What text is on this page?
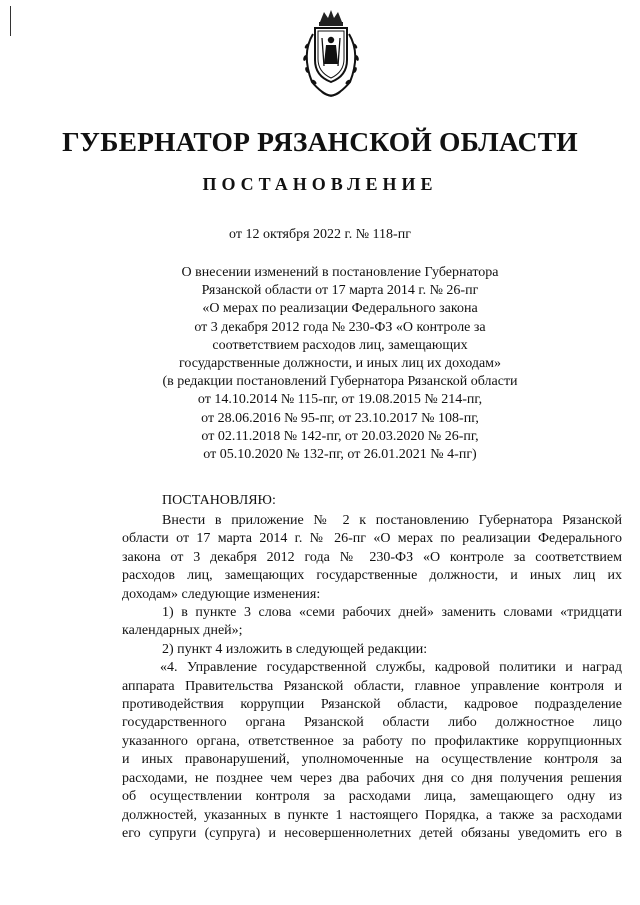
ГУБЕРНАТОР РЯЗАНСКОЙ ОБЛАСТИ
ПОСТАНОВЛЕНИЕ
от 12 октября 2022 г. № 118-пг
О внесении изменений в постановление Губернатора
Рязанской области от 17 марта 2014 г. № 26-пг
«О мерах по реализации Федерального закона
от 3 декабря 2012 года № 230-ФЗ «О контроле за
соответствием расходов лиц, замещающих
государственные должности, и иных лиц их доходам»
(в редакции постановлений Губернатора Рязанской области
от 14.10.2014 № 115-пг, от 19.08.2015 № 214-пг,
от 28.06.2016 № 95-пг, от 23.10.2017 № 108-пг,
от 02.11.2018 № 142-пг, от 20.03.2020 № 26-пг,
от 05.10.2020 № 132-пг, от 26.01.2021 № 4-пг)
ПОСТАНОВЛЯЮ:
Внести в приложение № 2 к постановлению Губернатора Рязанской
области от 17 марта 2014 г. № 26-пг «О мерах по реализации Федерального
закона от 3 декабря 2012 года № 230-ФЗ «О контроле за соответствием
расходов лиц, замещающих государственные должности, и иных лиц их
доходам» следующие изменения:
1) в пункте 3 слова «семи рабочих дней» заменить словами «тридцати
календарных дней»;
2) пункт 4 изложить в следующей редакции:
«4. Управление государственной службы, кадровой политики и наград
аппарата Правительства Рязанской области, главное управление контроля и
противодействия коррупции Рязанской области, кадровое подразделение
государственного органа Рязанской области либо должностное лицо
указанного органа, ответственное за работу по профилактике коррупционных
и иных правонарушений, уполномоченные на осуществление контроля за
расходами, не позднее чем через два рабочих дня со дня получения решения
об осуществлении контроля за расходами лица, замещающего одну из
должностей, указанных в пункте 1 настоящего Порядка, а также за расходами
его супруги (супруга) и несовершеннолетних детей обязаны уведомить его в
